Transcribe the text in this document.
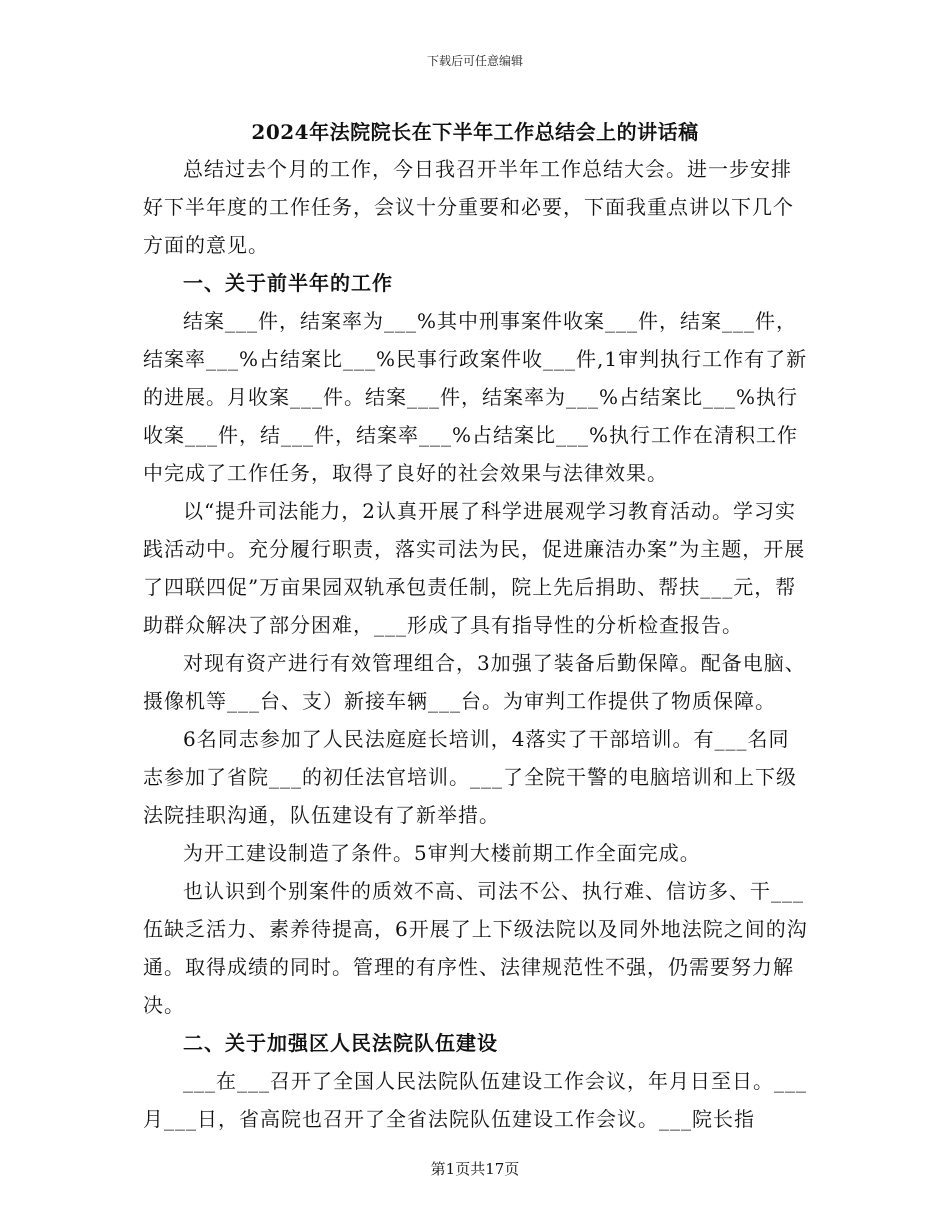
下载后可任意编辑
2024年法院院长在下半年工作总结会上的讲话稿

总结过去个月的工作，今日我召开半年工作总结大会。进一步安排好下半年度的工作任务，会议十分重要和必要，下面我重点讲以下几个方面的意见。

一、关于前半年的工作

结案___件，结案率为___%其中刑事案件收案___件，结案___件，结案率___%占结案比___%民事行政案件收___件,1审判执行工作有了新的进展。月收案___件。结案___件，结案率为___%占结案比___%执行收案___件，结___件，结案率___%占结案比___%执行工作在清积工作中完成了工作任务，取得了良好的社会效果与法律效果。

以“提升司法能力，2认真开展了科学进展观学习教育活动。学习实践活动中。充分履行职责，落实司法为民，促进廉洁办案”为主题，开展了四联四促”万亩果园双轨承包责任制，院上先后捐助、帮扶___元，帮助群众解决了部分困难，___形成了具有指导性的分析检查报告。

对现有资产进行有效管理组合，3加强了装备后勤保障。配备电脑、摄像机等___台、支）新接车辆___台。为审判工作提供了物质保障。

6名同志参加了人民法庭庭长培训，4落实了干部培训。有___名同志参加了省院___的初任法官培训。___了全院干警的电脑培训和上下级法院挂职沟通，队伍建设有了新举措。

为开工建设制造了条件。5审判大楼前期工作全面完成。

也认识到个别案件的质效不高、司法不公、执行难、信访多、干___伍缺乏活力、素养待提高，6开展了上下级法院以及同外地法院之间的沟通。取得成绩的同时。管理的有序性、法律规范性不强，仍需要努力解决。

二、关于加强区人民法院队伍建设

___在___召开了全国人民法院队伍建设工作会议，年月日至日。___月___日，省高院也召开了全省法院队伍建设工作会议。___院长指

第1页共17页
